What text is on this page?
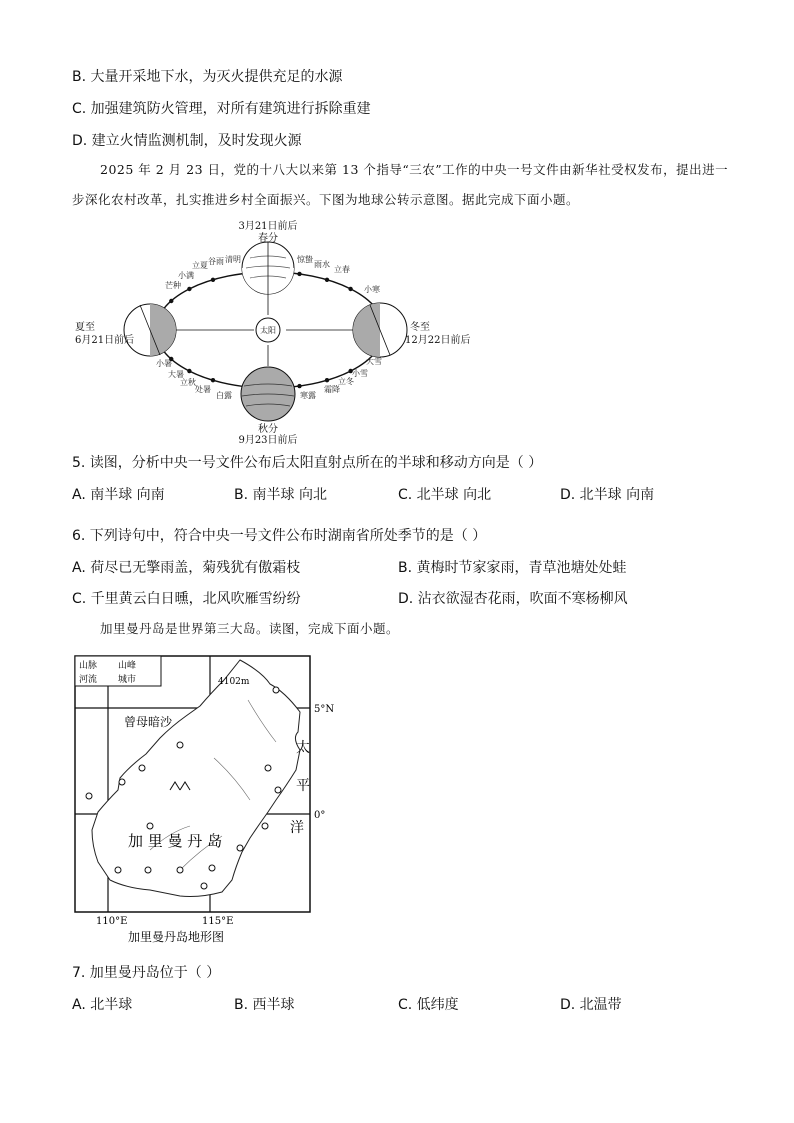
B. 大量开采地下水，为灭火提供充足的水源
C. 加强建筑防火管理，对所有建筑进行拆除重建
D. 建立火情监测机制，及时发现火源
2025 年 2 月 23 日，党的十八大以来第 13 个指导“三农”工作的中央一号文件由新华社受权发布，提出进一步深化农村改革，扎实推进乡村全面振兴。下图为地球公转示意图。据此完成下面小题。
太阳
3月21日前后
春分
夏至
6月21日前后
秋分
9月23日前后
冬至
12月22日前后
谷雨 清明
立夏
小满
芒种
惊蛰
雨水
立春
小寒
小暑
大暑
立秋
处暑
白露	寒露
霜降
立冬
小雪
大雪
5. 读图，分析中央一号文件公布后太阳直射点所在的半球和移动方向是（ ）
A. 南半球 向南	B. 南半球 向北	C. 北半球 向北	D. 北半球 向南
6. 下列诗句中，符合中央一号文件公布时湖南省所处季节的是（ ）
A. 荷尽已无擎雨盖，菊残犹有傲霜枝	B. 黄梅时节家家雨，青草池塘处处蛙
C. 千里黄云白日曛，北风吹雁雪纷纷	D. 沾衣欲湿杏花雨，吹面不寒杨柳风
加里曼丹岛是世界第三大岛。读图，完成下面小题。
山脉 山峰
河流 城市	4102m
5°N
0°
110°E	115°E
曾母暗沙
加 里 曼 丹 岛
太
平
洋
加里曼丹岛地形图
7. 加里曼丹岛位于（ ）
A. 北半球	B. 西半球	C. 低纬度	D. 北温带
